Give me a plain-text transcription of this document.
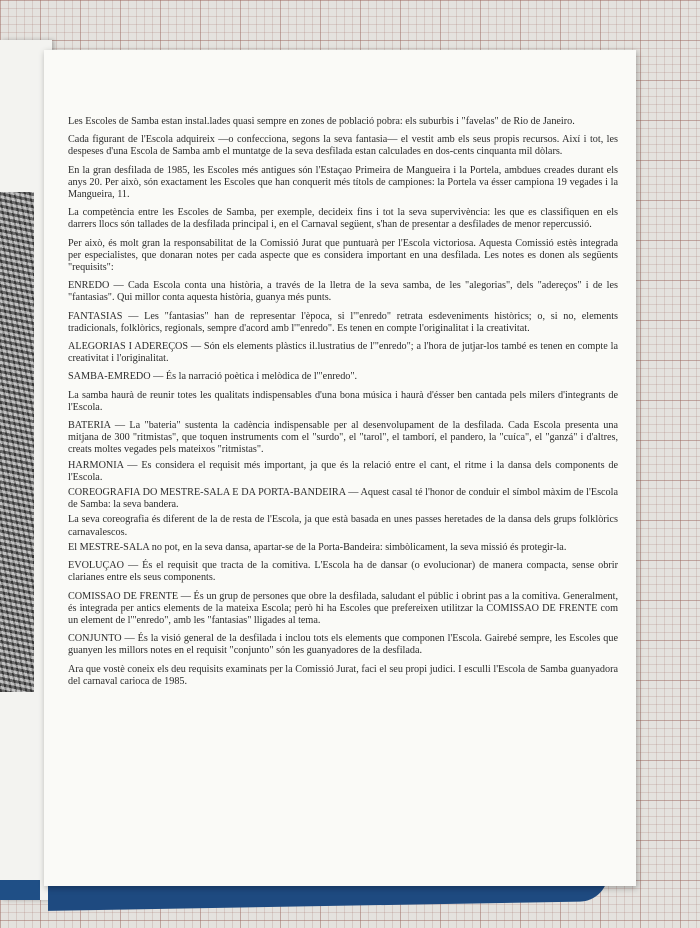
Les Escoles de Samba estan instal.lades quasi sempre en zones de població pobra: els suburbis i "favelas" de Rio de Janeiro.

Cada figurant de l'Escola adquireix —o confecciona, segons la seva fantasia— el vestit amb els seus propis recursos. Així i tot, les despeses d'una Escola de Samba amb el muntatge de la seva desfilada estan calculades en dos-cents cinquanta mil dòlars.

En la gran desfilada de 1985, les Escoles més antigues són l'Estaçao Primeira de Mangueira i la Portela, ambdues creades durant els anys 20. Per això, són exactament les Escoles que han conquerit més títols de campiones: la Portela va ésser campiona 19 vegades i la Mangueira, 11.

La competència entre les Escoles de Samba, per exemple, decideix fins i tot la seva supervivència: les que es classifiquen en els darrers llocs són tallades de la desfilada principal i, en el Carnaval següent, s'han de presentar a desfilades de menor repercussió.

Per això, és molt gran la responsabilitat de la Comissió Jurat que puntuarà per l'Escola victoriosa. Aquesta Comissió estès integrada per especialistes, que donaran notes per cada aspecte que es considera important en una desfilada. Les notes es donen als següents "requisits":

ENREDO — Cada Escola conta una història, a través de la lletra de la seva samba, de les "alegorias", dels "adereços" i de les "fantasias". Qui millor conta aquesta història, guanya més punts.

FANTASIAS — Les "fantasias" han de representar l'època, si l'"enredo" retrata esdeveniments històrics; o, si no, elements tradicionals, folklòrics, regionals, sempre d'acord amb l'"enredo". Es tenen en compte l'originalitat i la creativitat.

ALEGORIAS I ADEREÇOS — Són els elements plàstics il.lustratius de l'"enredo"; a l'hora de jutjar-los també es tenen en compte la creativitat i l'originalitat.

SAMBA-EMREDO — És la narració poètica i melòdica de l'"enredo".

La samba haurà de reunir totes les qualitats indispensables d'una bona música i haurà d'ésser ben cantada pels milers d'integrants de l'Escola.

BATERIA — La "bateria" sustenta la cadència indispensable per al desenvolupament de la desfilada. Cada Escola presenta una mitjana de 300 "ritmistas", que toquen instruments com el "surdo", el "tarol", el tamborí, el pandero, la "cuíca", el "ganzá" i d'altres, creats moltes vegades pels mateixos "ritmistas".

HARMONIA — Es considera el requisit més important, ja que és la relació entre el cant, el ritme i la dansa dels components de l'Escola.

COREOGRAFIA DO MESTRE-SALA E DA PORTA-BANDEIRA — Aquest casal té l'honor de conduir el símbol màxim de l'Escola de Samba: la seva bandera.

La seva coreografia és diferent de la de resta de l'Escola, ja que està basada en unes passes heretades de la dansa dels grups folklòrics carnavalescos.

El MESTRE-SALA no pot, en la seva dansa, apartar-se de la Porta-Bandeira: simbòlicament, la seva missió és protegir-la.

EVOLUÇAO — És el requisit que tracta de la comitiva. L'Escola ha de dansar (o evolucionar) de manera compacta, sense obrir clarianes entre els seus components.

COMISSAO DE FRENTE — És un grup de persones que obre la desfilada, saludant el públic i obrint pas a la comitiva. Generalment, és integrada per antics elements de la mateixa Escola; però hi ha Escoles que prefereixen utilitzar la COMISSAO DE FRENTE com un element de l'"enredo", amb les "fantasias" lligades al tema.

CONJUNTO — És la visió general de la desfilada i inclou tots els elements que componen l'Escola. Gairebé sempre, les Escoles que guanyen les millors notes en el requisit "conjunto" són les guanyadores de la desfilada.

Ara que vostè coneix els deu requisits examinats per la Comissió Jurat, faci el seu propi judici. I esculli l'Escola de Samba guanyadora del carnaval carioca de 1985.
